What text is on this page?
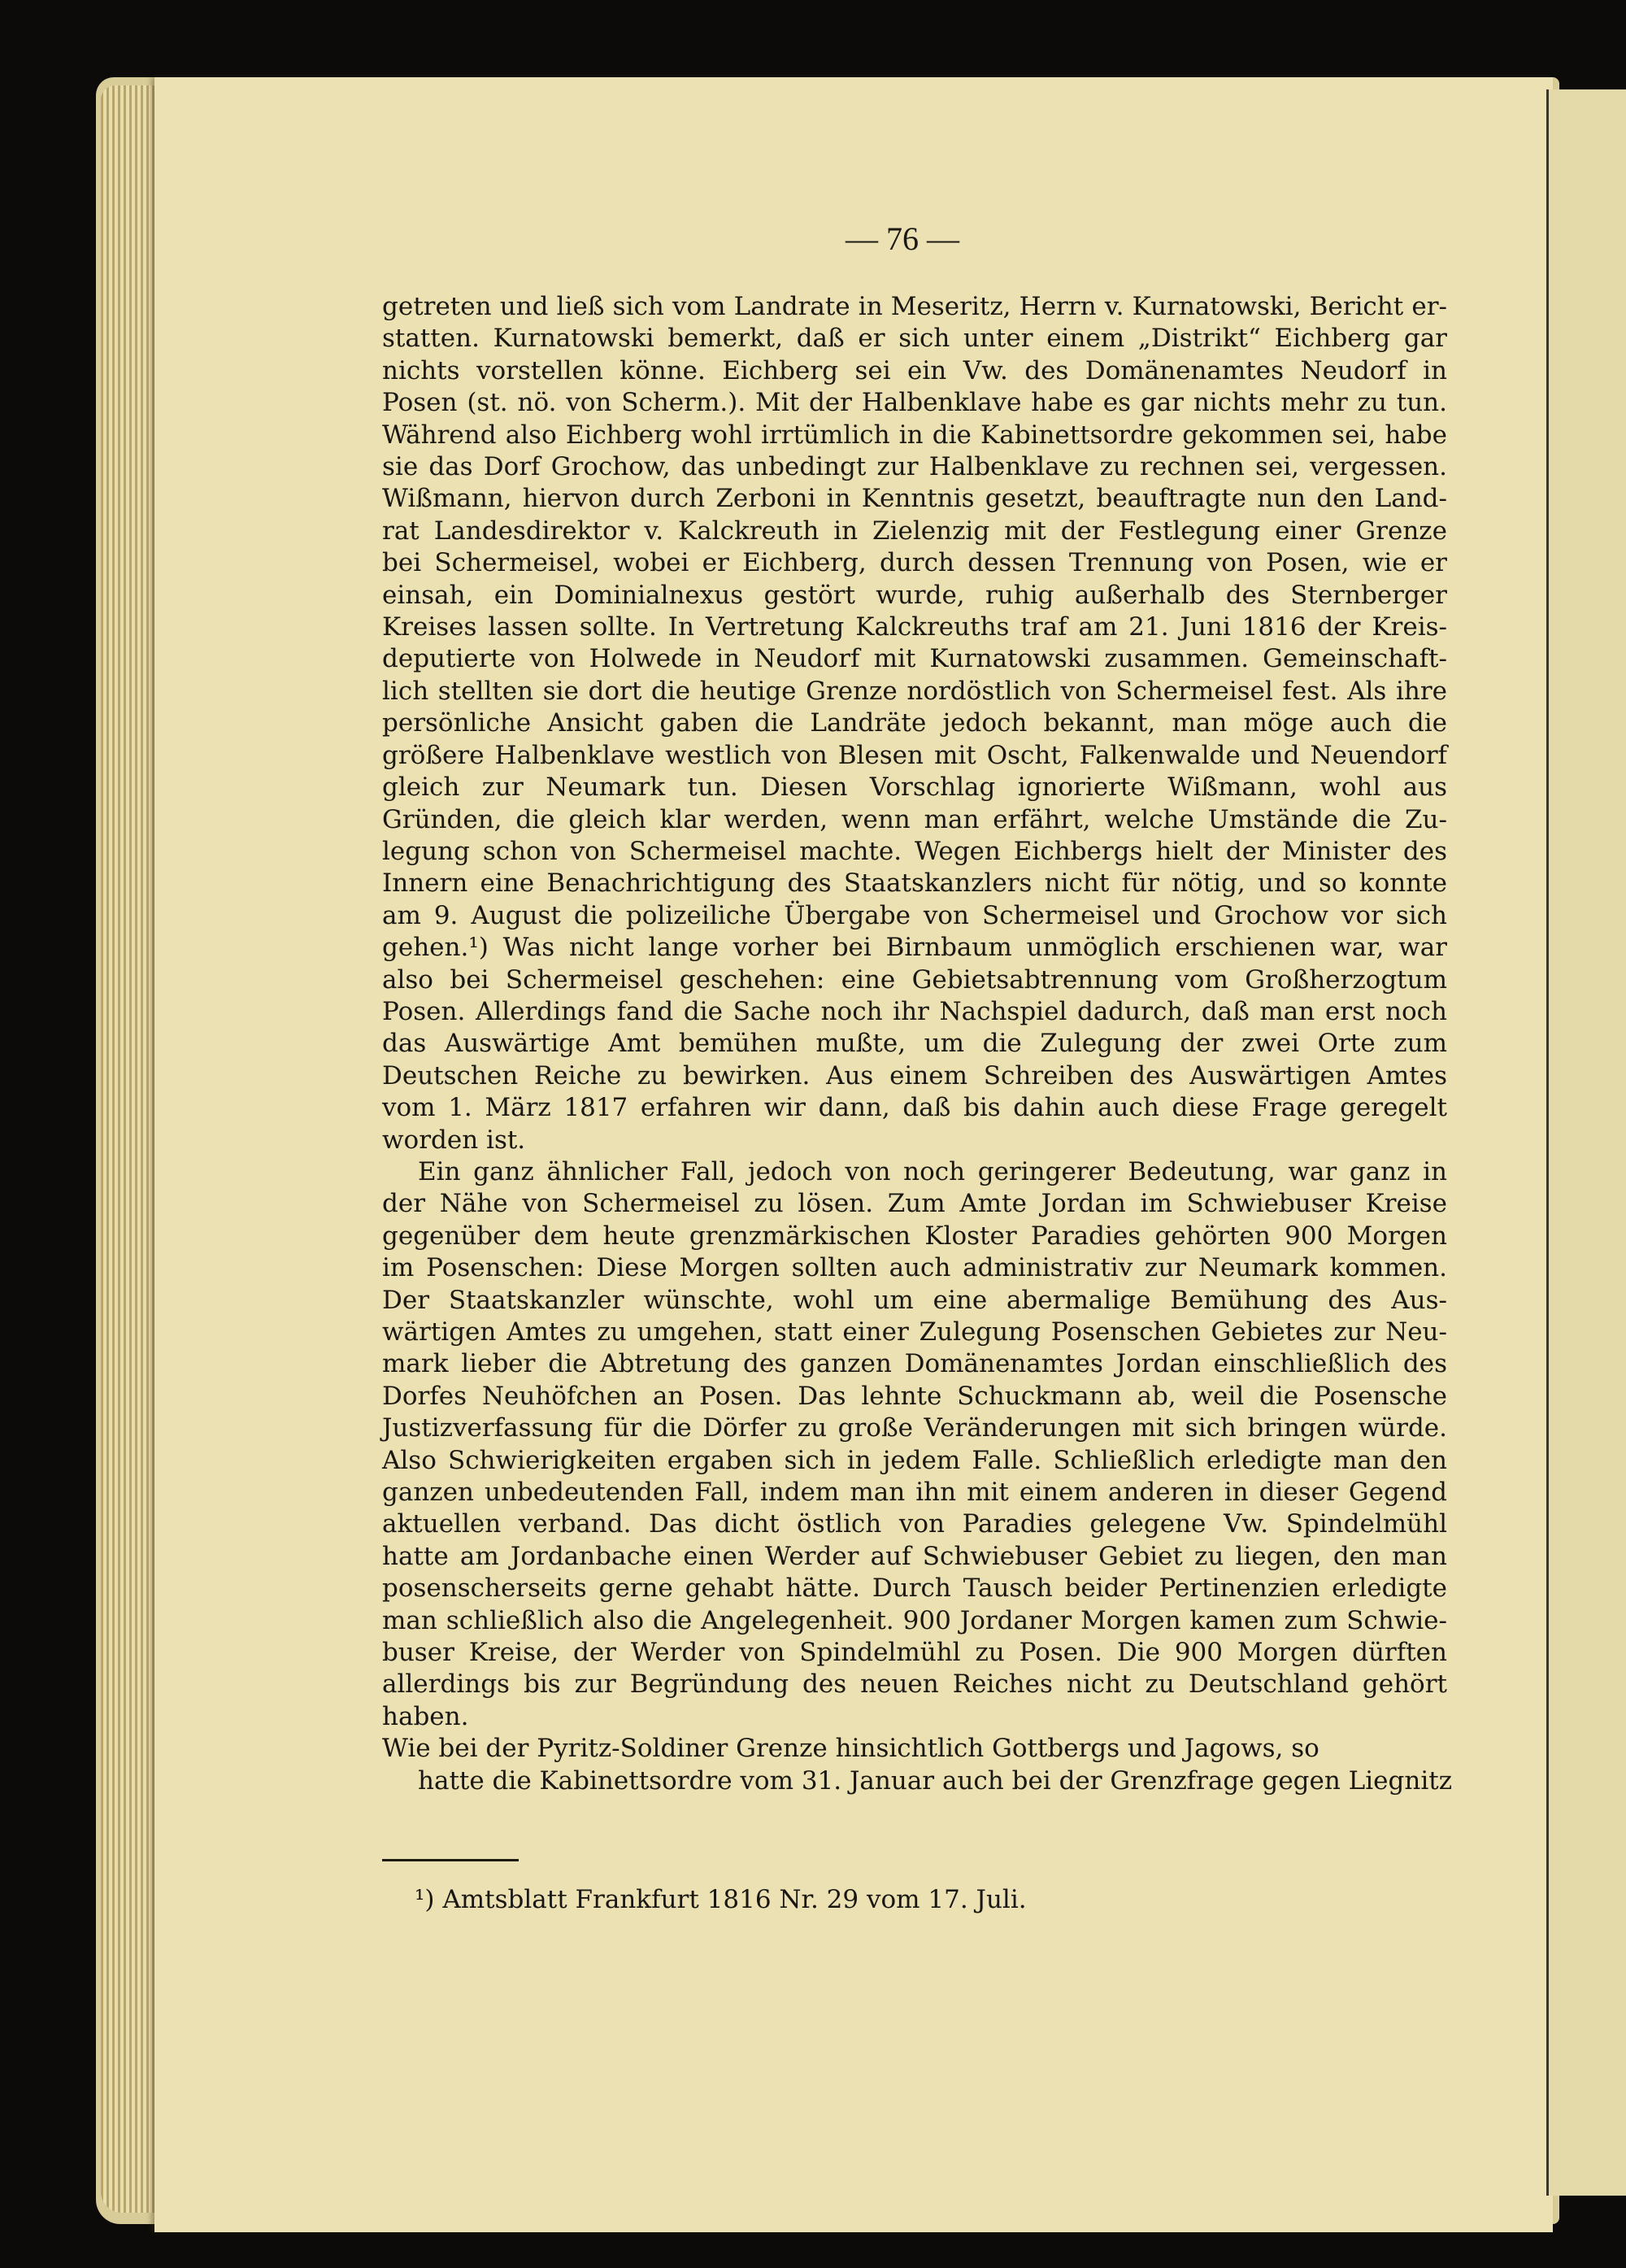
— 76 —
getreten und ließ sich vom Landrate in Meseritz, Herrn v. Kurnatowski, Bericht er-
statten. Kurnatowski bemerkt, daß er sich unter einem „Distrikt“ Eichberg gar
nichts vorstellen könne. Eichberg sei ein Vw. des Domänenamtes Neudorf in
Posen (st. nö. von Scherm.). Mit der Halbenklave habe es gar nichts mehr zu tun.
Während also Eichberg wohl irrtümlich in die Kabinettsordre gekommen sei, habe
sie das Dorf Grochow, das unbedingt zur Halbenklave zu rechnen sei, vergessen.
Wißmann, hiervon durch Zerboni in Kenntnis gesetzt, beauftragte nun den Land-
rat Landesdirektor v. Kalckreuth in Zielenzig mit der Festlegung einer Grenze
bei Schermeisel, wobei er Eichberg, durch dessen Trennung von Posen, wie er
einsah, ein Dominialnexus gestört wurde, ruhig außerhalb des Sternberger
Kreises lassen sollte. In Vertretung Kalckreuths traf am 21. Juni 1816 der Kreis-
deputierte von Holwede in Neudorf mit Kurnatowski zusammen. Gemeinschaft-
lich stellten sie dort die heutige Grenze nordöstlich von Schermeisel fest. Als ihre
persönliche Ansicht gaben die Landräte jedoch bekannt, man möge auch die
größere Halbenklave westlich von Blesen mit Oscht, Falkenwalde und Neuendorf
gleich zur Neumark tun. Diesen Vorschlag ignorierte Wißmann, wohl aus
Gründen, die gleich klar werden, wenn man erfährt, welche Umstände die Zu-
legung schon von Schermeisel machte. Wegen Eichbergs hielt der Minister des
Innern eine Benachrichtigung des Staatskanzlers nicht für nötig, und so konnte
am 9. August die polizeiliche Übergabe von Schermeisel und Grochow vor sich
gehen.¹) Was nicht lange vorher bei Birnbaum unmöglich erschienen war, war
also bei Schermeisel geschehen: eine Gebietsabtrennung vom Großherzogtum
Posen. Allerdings fand die Sache noch ihr Nachspiel dadurch, daß man erst noch
das Auswärtige Amt bemühen mußte, um die Zulegung der zwei Orte zum
Deutschen Reiche zu bewirken. Aus einem Schreiben des Auswärtigen Amtes
vom 1. März 1817 erfahren wir dann, daß bis dahin auch diese Frage geregelt
worden ist.
Ein ganz ähnlicher Fall, jedoch von noch geringerer Bedeutung, war ganz in
der Nähe von Schermeisel zu lösen. Zum Amte Jordan im Schwiebuser Kreise
gegenüber dem heute grenzmärkischen Kloster Paradies gehörten 900 Morgen
im Posenschen: Diese Morgen sollten auch administrativ zur Neumark kommen.
Der Staatskanzler wünschte, wohl um eine abermalige Bemühung des Aus-
wärtigen Amtes zu umgehen, statt einer Zulegung Posenschen Gebietes zur Neu-
mark lieber die Abtretung des ganzen Domänenamtes Jordan einschließlich des
Dorfes Neuhöfchen an Posen. Das lehnte Schuckmann ab, weil die Posensche
Justizverfassung für die Dörfer zu große Veränderungen mit sich bringen würde.
Also Schwierigkeiten ergaben sich in jedem Falle. Schließlich erledigte man den
ganzen unbedeutenden Fall, indem man ihn mit einem anderen in dieser Gegend
aktuellen verband. Das dicht östlich von Paradies gelegene Vw. Spindelmühl
hatte am Jordanbache einen Werder auf Schwiebuser Gebiet zu liegen, den man
posenscherseits gerne gehabt hätte. Durch Tausch beider Pertinenzien erledigte
man schließlich also die Angelegenheit. 900 Jordaner Morgen kamen zum Schwie-
buser Kreise, der Werder von Spindelmühl zu Posen. Die 900 Morgen dürften
allerdings bis zur Begründung des neuen Reiches nicht zu Deutschland gehört
haben.
Wie bei der Pyritz-Soldiner Grenze hinsichtlich Gottbergs und Jagows, so
hatte die Kabinettsordre vom 31. Januar auch bei der Grenzfrage gegen Liegnitz
¹) Amtsblatt Frankfurt 1816 Nr. 29 vom 17. Juli.
